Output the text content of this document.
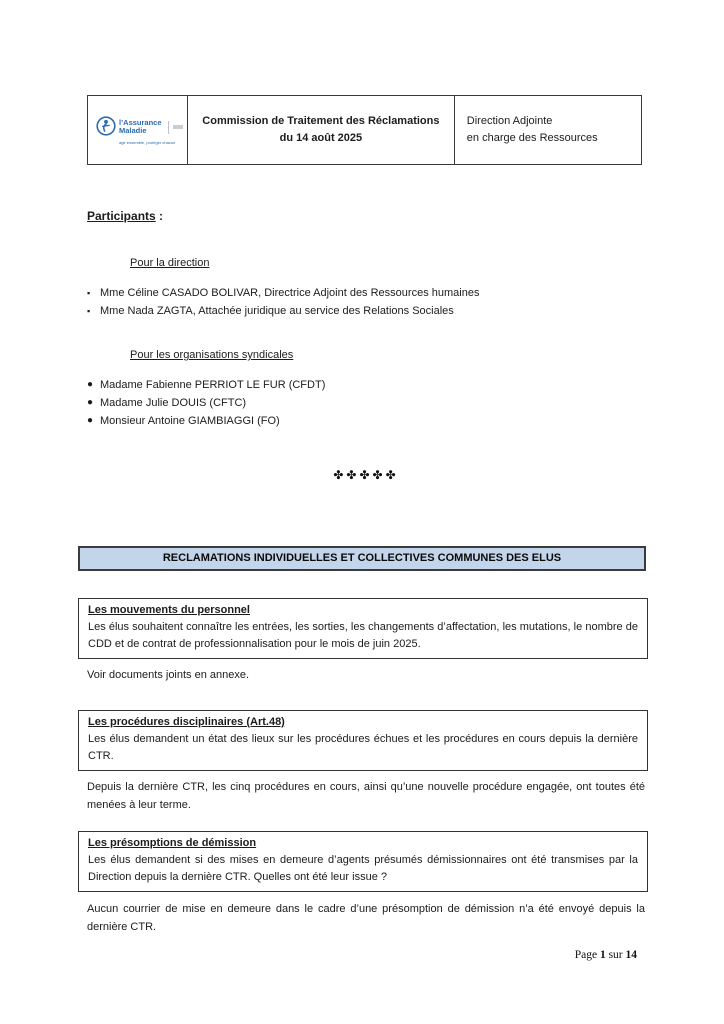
l’Assurance
Maladie
agir ensemble, protéger chacun
Commission de Traitement des Réclamations
du 14 août 2025
Direction Adjointe
en charge des Ressources
Participants :
Pour la direction
▪ Mme Céline CASADO BOLIVAR, Directrice Adjoint des Ressources humaines
▪ Mme Nada ZAGTA, Attachée juridique au service des Relations Sociales
Pour les organisations syndicales
● Madame Fabienne PERRIOT LE FUR (CFDT)
● Madame Julie DOUIS (CFTC)
● Monsieur Antoine GIAMBIAGGI (FO)
✤✤✤✤✤
RECLAMATIONS INDIVIDUELLES ET COLLECTIVES COMMUNES DES ELUS
Les mouvements du personnel
Les élus souhaitent connaître les entrées, les sorties, les changements d’affectation, les mutations, le nombre de CDD et de contrat de professionnalisation pour le mois de juin 2025.
Voir documents joints en annexe.
Les procédures disciplinaires (Art.48)
Les élus demandent un état des lieux sur les procédures échues et les procédures en cours depuis la dernière CTR.
Depuis la dernière CTR, les cinq procédures en cours, ainsi qu’une nouvelle procédure engagée, ont toutes été menées à leur terme.
Les présomptions de démission
Les élus demandent si des mises en demeure d’agents présumés démissionnaires ont été transmises par la Direction depuis la dernière CTR. Quelles ont été leur issue ?
Aucun courrier de mise en demeure dans le cadre d’une présomption de démission n’a été envoyé depuis la dernière CTR.
Page 1 sur 14
